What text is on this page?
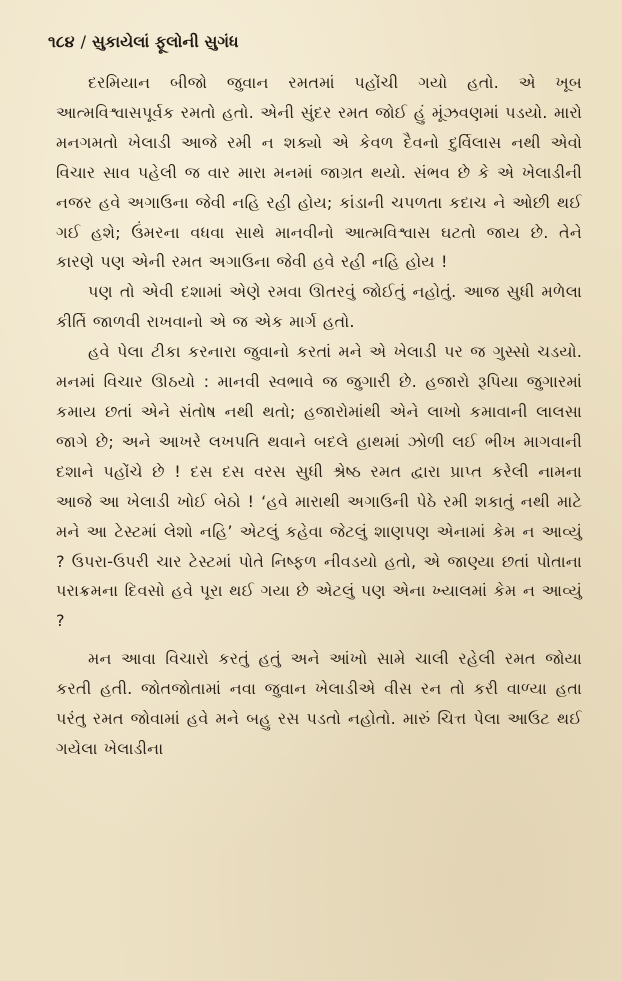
૧૮૪ / સુકાયેલાં ફૂલોની સુગંધ

દરમિયાન બીજો જુવાન રમતમાં પહોંચી ગયો હતો. એ ખૂબ આત્મવિશ્વાસપૂર્વક રમતો હતો. એની સુંદર રમત જોઈ હું મૂંઝવણમાં પડયો. મારો મનગમતો ખેલાડી આજે રમી ન શક્યો એ કેવળ દૈવનો દુર્વિલાસ નથી એવો વિચાર સાવ પહેલી જ વાર મારા મનમાં જાગ્રત થયો. સંભવ છે કે એ ખેલાડીની નજર હવે અગાઉના જેવી નહિ રહી હોય; કાંડાની ચપળતા કદાચ ને ઓછી થઈ ગઈ હશે; ઉંમરના વધવા સાથે માનવીનો આત્મવિશ્વાસ ઘટતો જાય છે. તેને કારણે પણ એની રમત અગાઉના જેવી હવે રહી નહિ હોય !

પણ તો એવી દશામાં એણે રમવા ઊતરવું જોઈતું નહોતું. આજ સુધી મળેલા કીર્તિ જાળવી રાખવાનો એ જ એક માર્ગ હતો.

હવે પેલા ટીકા કરનારા જુવાનો કરતાં મને એ ખેલાડી પર જ ગુસ્સો ચડયો. મનમાં વિચાર ઊઠયો : માનવી સ્વભાવે જ જુગારી છે. હજારો રૂપિયા જુગારમાં કમાય છતાં એને સંતોષ નથી થતો; હજારોમાંથી એને લાખો કમાવાની લાલસા જાગે છે; અને આખરે લખપતિ થવાને બદલે હાથમાં ઝોળી લઈ ભીખ માગવાની દશાને પહોંચે છે ! દસ દસ વરસ સુધી શ્રેષ્ઠ રમત દ્વારા પ્રાપ્ત કરેલી નામના આજે આ ખેલાડી ખોઈ બેઠો ! ‘હવે મારાથી અગાઉની પેઠે રમી શકાતું નથી માટે મને આ ટેસ્ટમાં લેશો નહિ’ એટલું કહેવા જેટલું શાણપણ એનામાં કેમ ન આવ્યું ? ઉપરા-ઉપરી ચાર ટેસ્ટમાં પોતે નિષ્ફળ નીવડયો હતો, એ જાણ્યા છતાં પોતાના પરાક્રમના દિવસો હવે પૂરા થઈ ગયા છે એટલું પણ એના ખ્યાલમાં કેમ ન આવ્યું ?

મન આવા વિચારો કરતું હતું અને આંખો સામે ચાલી રહેલી રમત જોયા કરતી હતી. જોતજોતામાં નવા જુવાન ખેલાડીએ વીસ રન તો કરી વાળ્યા હતા પરંતુ રમત જોવામાં હવે મને બહુ રસ પડતો નહોતો. મારું ચિત્ત પેલા આઉટ થઈ ગયેલા ખેલાડીના
